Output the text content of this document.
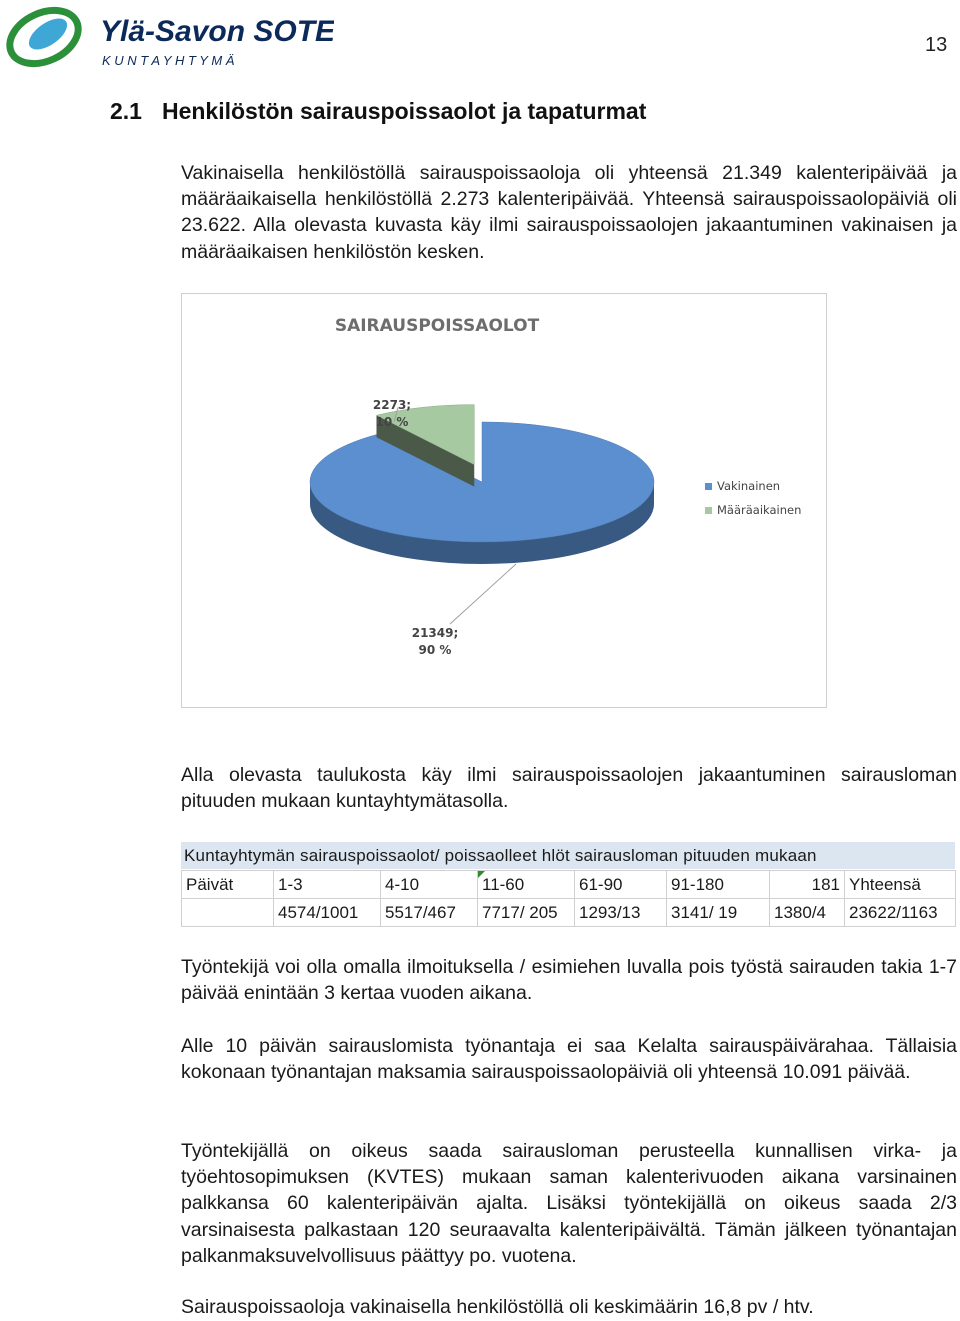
Ylä-Savon SOTE
K U N T A Y H T Y M Ä
13
2.1 Henkilöstön sairauspoissaolot ja tapaturmat

Vakinaisella henkilöstöllä sairauspoissaoloja oli yhteensä 21.349 kalenteripäivää ja määräaikaisella henkilöstöllä 2.273 kalenteripäivää. Yhteensä sairauspoissaolopäiviä oli 23.622. Alla olevasta kuvasta käy ilmi sairauspoissaolojen jakaantuminen vakinaisen ja määräaikaisen henkilöstön kesken.

SAIRAUSPOISSAOLOT
Vakinainen
Määräaikainen
21349;
90 %
2273;
10 %

Alla olevasta taulukosta käy ilmi sairauspoissaolojen jakaantuminen sairausloman pituuden mukaan kuntayhtymätasolla.

Kuntayhtymän sairauspoissaolot/ poissaolleet hlöt sairausloman pituuden mukaan
Päivät	1-3	4-10	11-60	61-90	91-180	181	Yhteensä
	4574/1001	5517/467	7717/ 205	1293/13	3141/ 19	1380/4	23622/1163

Työntekijä voi olla omalla ilmoituksella / esimiehen luvalla pois työstä sairauden takia 1-7 päivää enintään 3 kertaa vuoden aikana.

Alle 10 päivän sairauslomista työnantaja ei saa Kelalta sairauspäivärahaa. Tällaisia kokonaan työnantajan maksamia sairauspoissaolopäiviä oli yhteensä 10.091 päivää.

Työntekijällä on oikeus saada sairausloman perusteella kunnallisen virka- ja työehtosopimuksen (KVTES) mukaan saman kalenterivuoden aikana varsinainen palkkansa 60 kalenteripäivän ajalta. Lisäksi työntekijällä on oikeus saada 2/3 varsinaisesta palkastaan 120 seuraavalta kalenteripäivältä. Tämän jälkeen työnantajan palkanmaksuvelvollisuus päättyy po. vuotena.

Sairauspoissaoloja vakinaisella henkilöstöllä oli keskimäärin 16,8 pv / htv.
